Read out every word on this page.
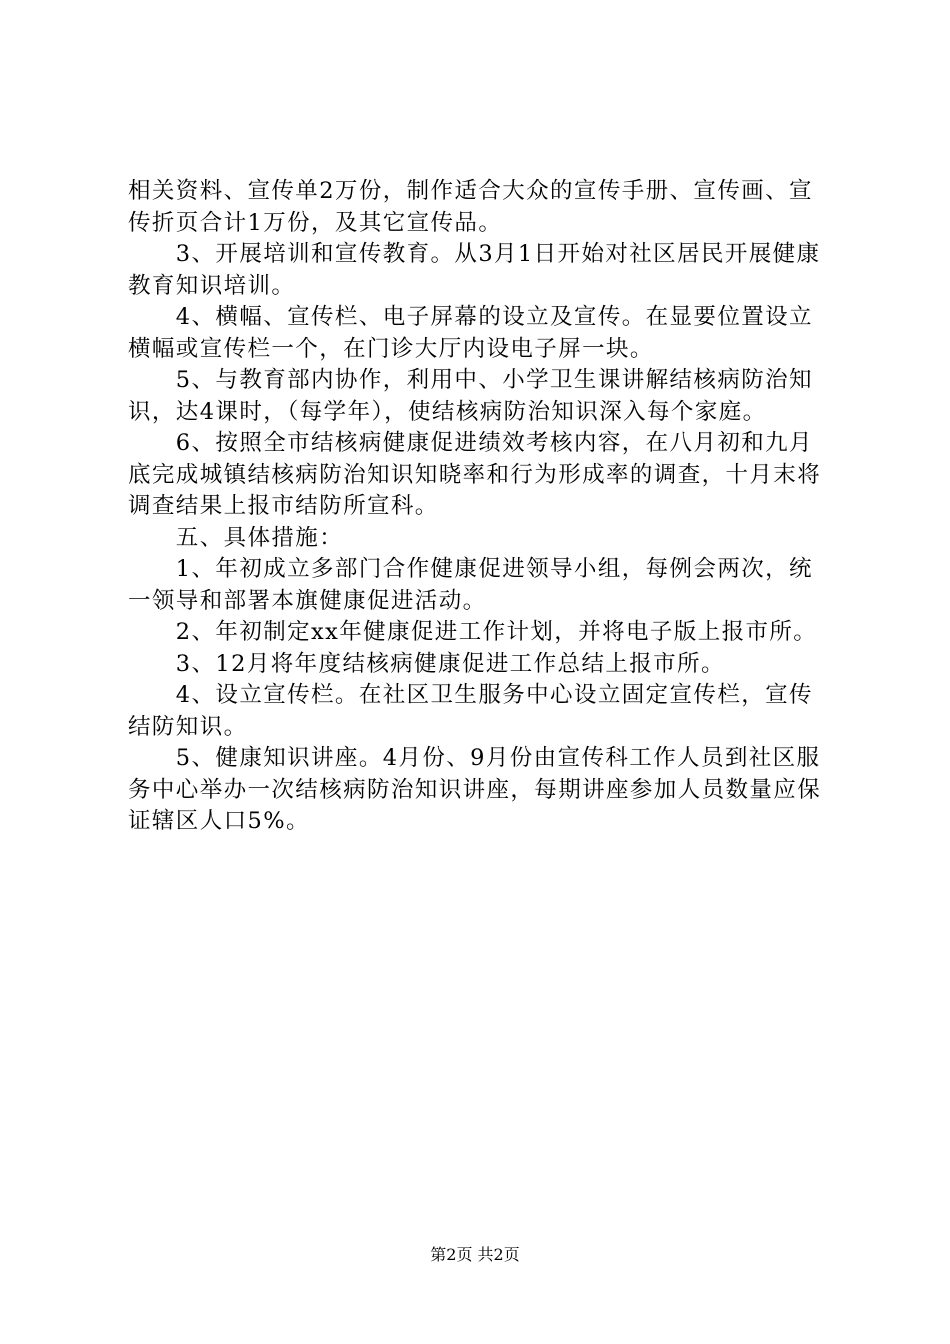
相关资料、宣传单2万份，制作适合大众的宣传手册、宣传画、宣传折页合计1万份，及其它宣传品。

　　3、开展培训和宣传教育。从3月1日开始对社区居民开展健康教育知识培训。

　　4、横幅、宣传栏、电子屏幕的设立及宣传。在显要位置设立横幅或宣传栏一个，在门诊大厅内设电子屏一块。

　　5、与教育部内协作，利用中、小学卫生课讲解结核病防治知识，达4课时，（每学年），使结核病防治知识深入每个家庭。

　　6、按照全市结核病健康促进绩效考核内容，在八月初和九月底完成城镇结核病防治知识知晓率和行为形成率的调查，十月末将调查结果上报市结防所宣科。

　　五、具体措施：

　　1、年初成立多部门合作健康促进领导小组，每例会两次，统一领导和部署本旗健康促进活动。

　　2、年初制定xx年健康促进工作计划，并将电子版上报市所。

　　3、12月将年度结核病健康促进工作总结上报市所。

　　4、设立宣传栏。在社区卫生服务中心设立固定宣传栏，宣传结防知识。

　　5、健康知识讲座。4月份、9月份由宣传科工作人员到社区服务中心举办一次结核病防治知识讲座，每期讲座参加人员数量应保证辖区人口5%。

第2页 共2页
